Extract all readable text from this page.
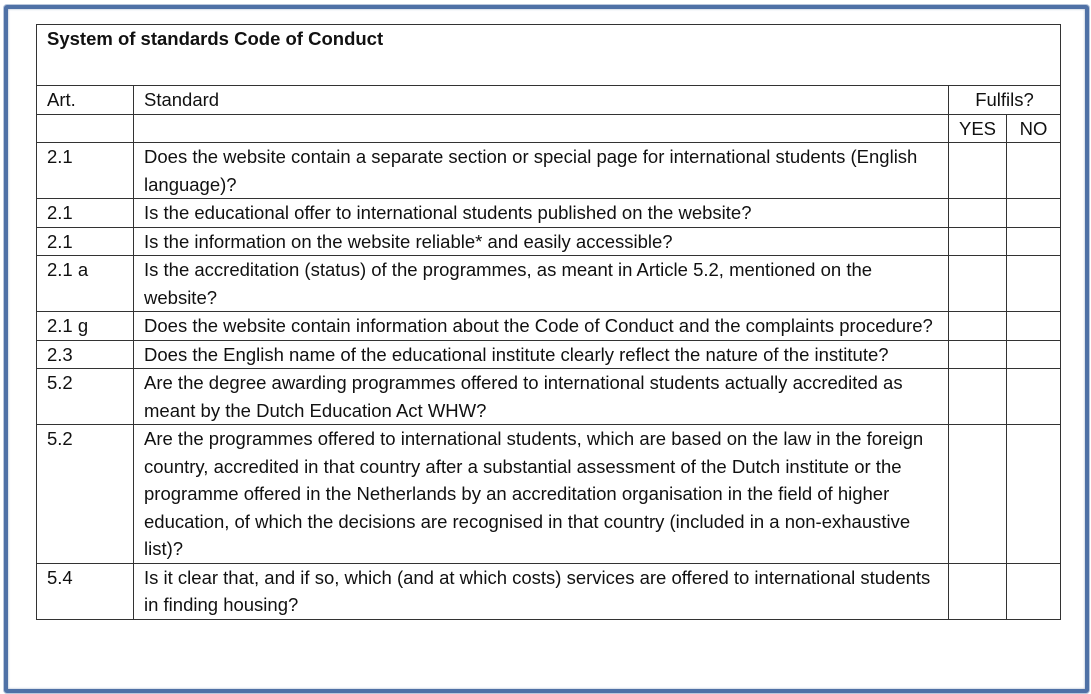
System of standards Code of Conduct			
Art.	Standard	Fulfils?	
		YES	NO
2.1	Does the website contain a separate section or special page for international students (English language)?		
2.1	Is the educational offer to international students published on the website?		
2.1	Is the information on the website reliable* and easily accessible?		
2.1 a	Is the accreditation (status) of the programmes, as meant in Article 5.2, mentioned on the website?		
2.1 g	Does the website contain information about the Code of Conduct and the complaints procedure?		
2.3	Does the English name of the educational institute clearly reflect the nature of the institute?		
5.2	Are the degree awarding programmes offered to international students actually accredited as meant by the Dutch Education Act WHW?		
5.2	Are the programmes offered to international students, which are based on the law in the foreign country, accredited in that country after a substantial assessment of the Dutch institute or the programme offered in the Netherlands by an accreditation organisation in the field of higher education, of which the decisions are recognised in that country (included in a non-exhaustive list)?		
5.4	Is it clear that, and if so, which (and at which costs) services are offered to international students in finding housing?		
